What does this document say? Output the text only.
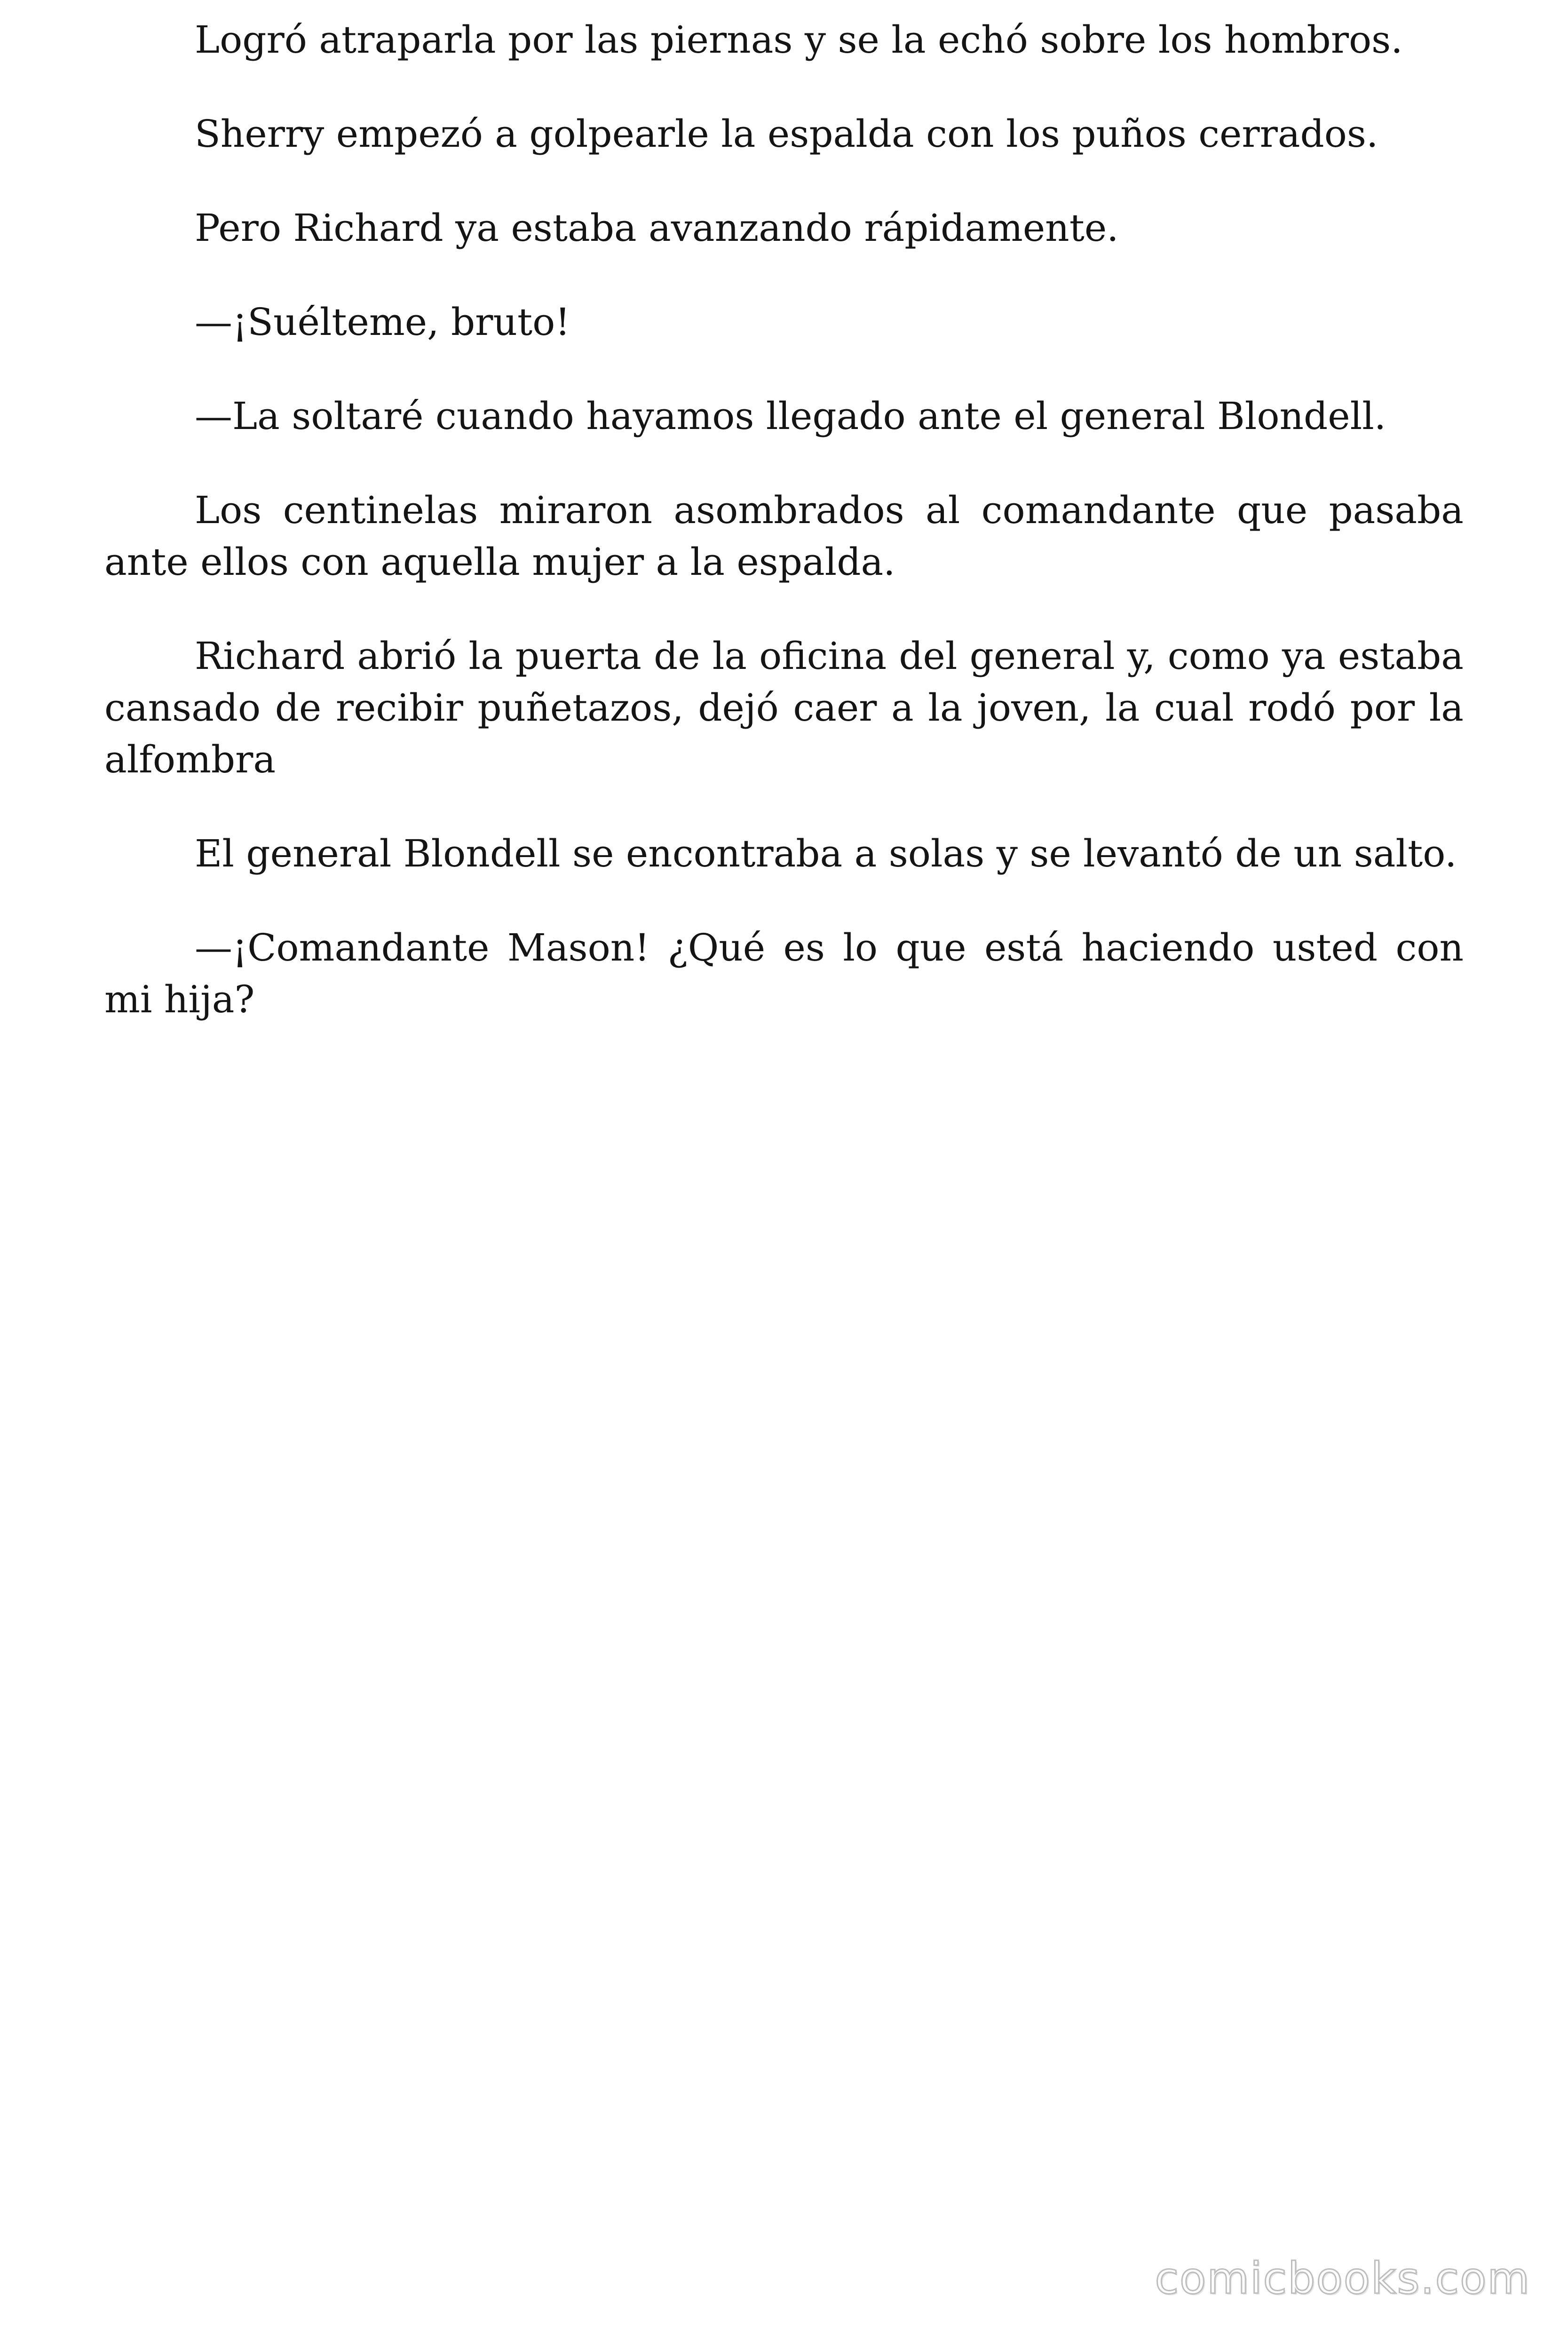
Logró atraparla por las piernas y se la echó sobre los hombros.

Sherry empezó a golpearle la espalda con los puños cerrados.

Pero Richard ya estaba avanzando rápidamente.

—¡Suélteme, bruto!

—La soltaré cuando hayamos llegado ante el general Blondell.

Los centinelas miraron asombrados al comandante que pasaba ante ellos con aquella mujer a la espalda.

Richard abrió la puerta de la oficina del general y, como ya estaba cansado de recibir puñetazos, dejó caer a la joven, la cual rodó por la alfombra

El general Blondell se encontraba a solas y se levantó de un salto.

—¡Comandante Mason! ¿Qué es lo que está haciendo usted con mi hija?

comicbooks.com
